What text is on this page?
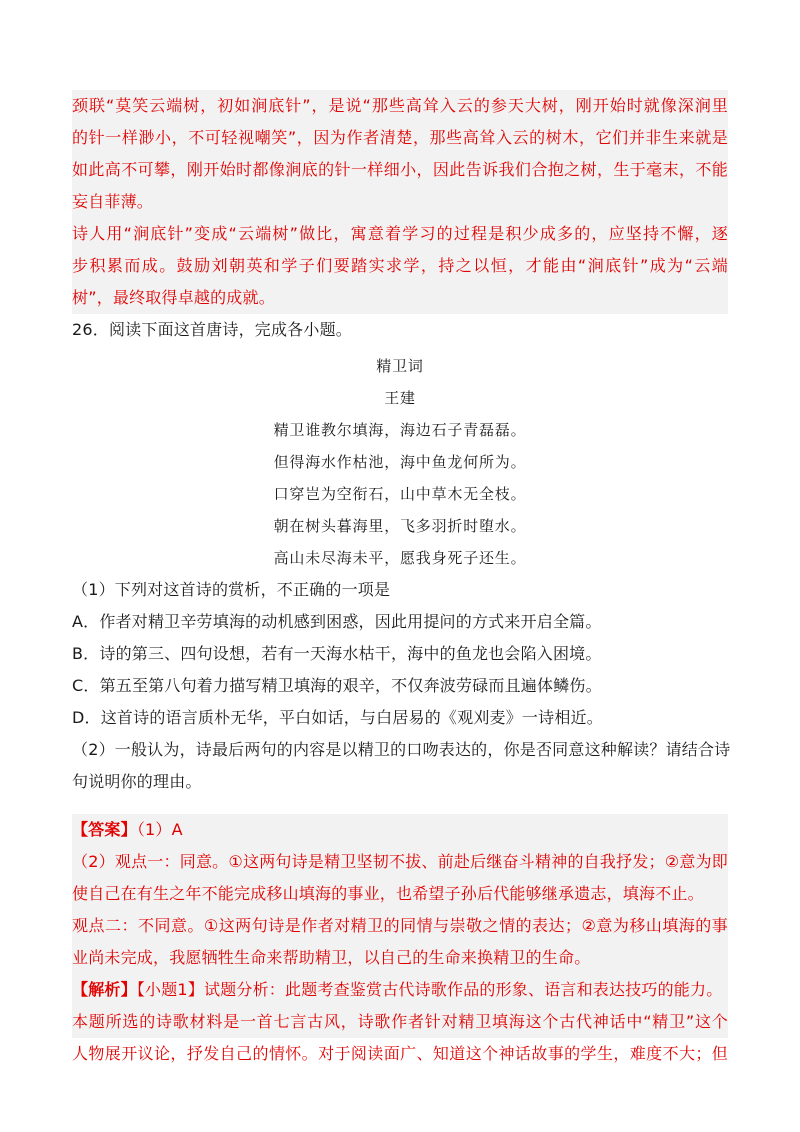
颈联“莫笑云端树，初如涧底针”，是说“那些高耸入云的参天大树，刚开始时就像深涧里
的针一样渺小，不可轻视嘲笑”，因为作者清楚，那些高耸入云的树木，它们并非生来就是
如此高不可攀，刚开始时都像涧底的针一样细小，因此告诉我们合抱之树，生于毫末，不能
妄自菲薄。
诗人用“涧底针”变成“云端树”做比，寓意着学习的过程是积少成多的，应坚持不懈，逐
步积累而成。鼓励刘朝英和学子们要踏实求学，持之以恒，才能由“涧底针”成为“云端
树”，最终取得卓越的成就。
26．阅读下面这首唐诗，完成各小题。
精卫词
王建
精卫谁教尔填海，海边石子青磊磊。
但得海水作枯池，海中鱼龙何所为。
口穿岂为空衔石，山中草木无全枝。
朝在树头暮海里，飞多羽折时堕水。
高山未尽海未平，愿我身死子还生。
（1）下列对这首诗的赏析，不正确的一项是
A．作者对精卫辛劳填海的动机感到困惑，因此用提问的方式来开启全篇。
B．诗的第三、四句设想，若有一天海水枯干，海中的鱼龙也会陷入困境。
C．第五至第八句着力描写精卫填海的艰辛，不仅奔波劳碌而且遍体鳞伤。
D．这首诗的语言质朴无华，平白如话，与白居易的《观刈麦》一诗相近。
（2）一般认为，诗最后两句的内容是以精卫的口吻表达的，你是否同意这种解读？请结合诗
句说明你的理由。
【答案】（1）A
（2）观点一：同意。①这两句诗是精卫坚韧不拔、前赴后继奋斗精神的自我抒发；②意为即
使自己在有生之年不能完成移山填海的事业，也希望子孙后代能够继承遗志，填海不止。
观点二：不同意。①这两句诗是作者对精卫的同情与崇敬之情的表达；②意为移山填海的事
业尚未完成，我愿牺牲生命来帮助精卫，以自己的生命来换精卫的生命。
【解析】【小题1】试题分析：此题考查鉴赏古代诗歌作品的形象、语言和表达技巧的能力。
本题所选的诗歌材料是一首七言古风，诗歌作者针对精卫填海这个古代神话中“精卫”这个
人物展开议论，抒发自己的情怀。对于阅读面广、知道这个神话故事的学生，难度不大；但
